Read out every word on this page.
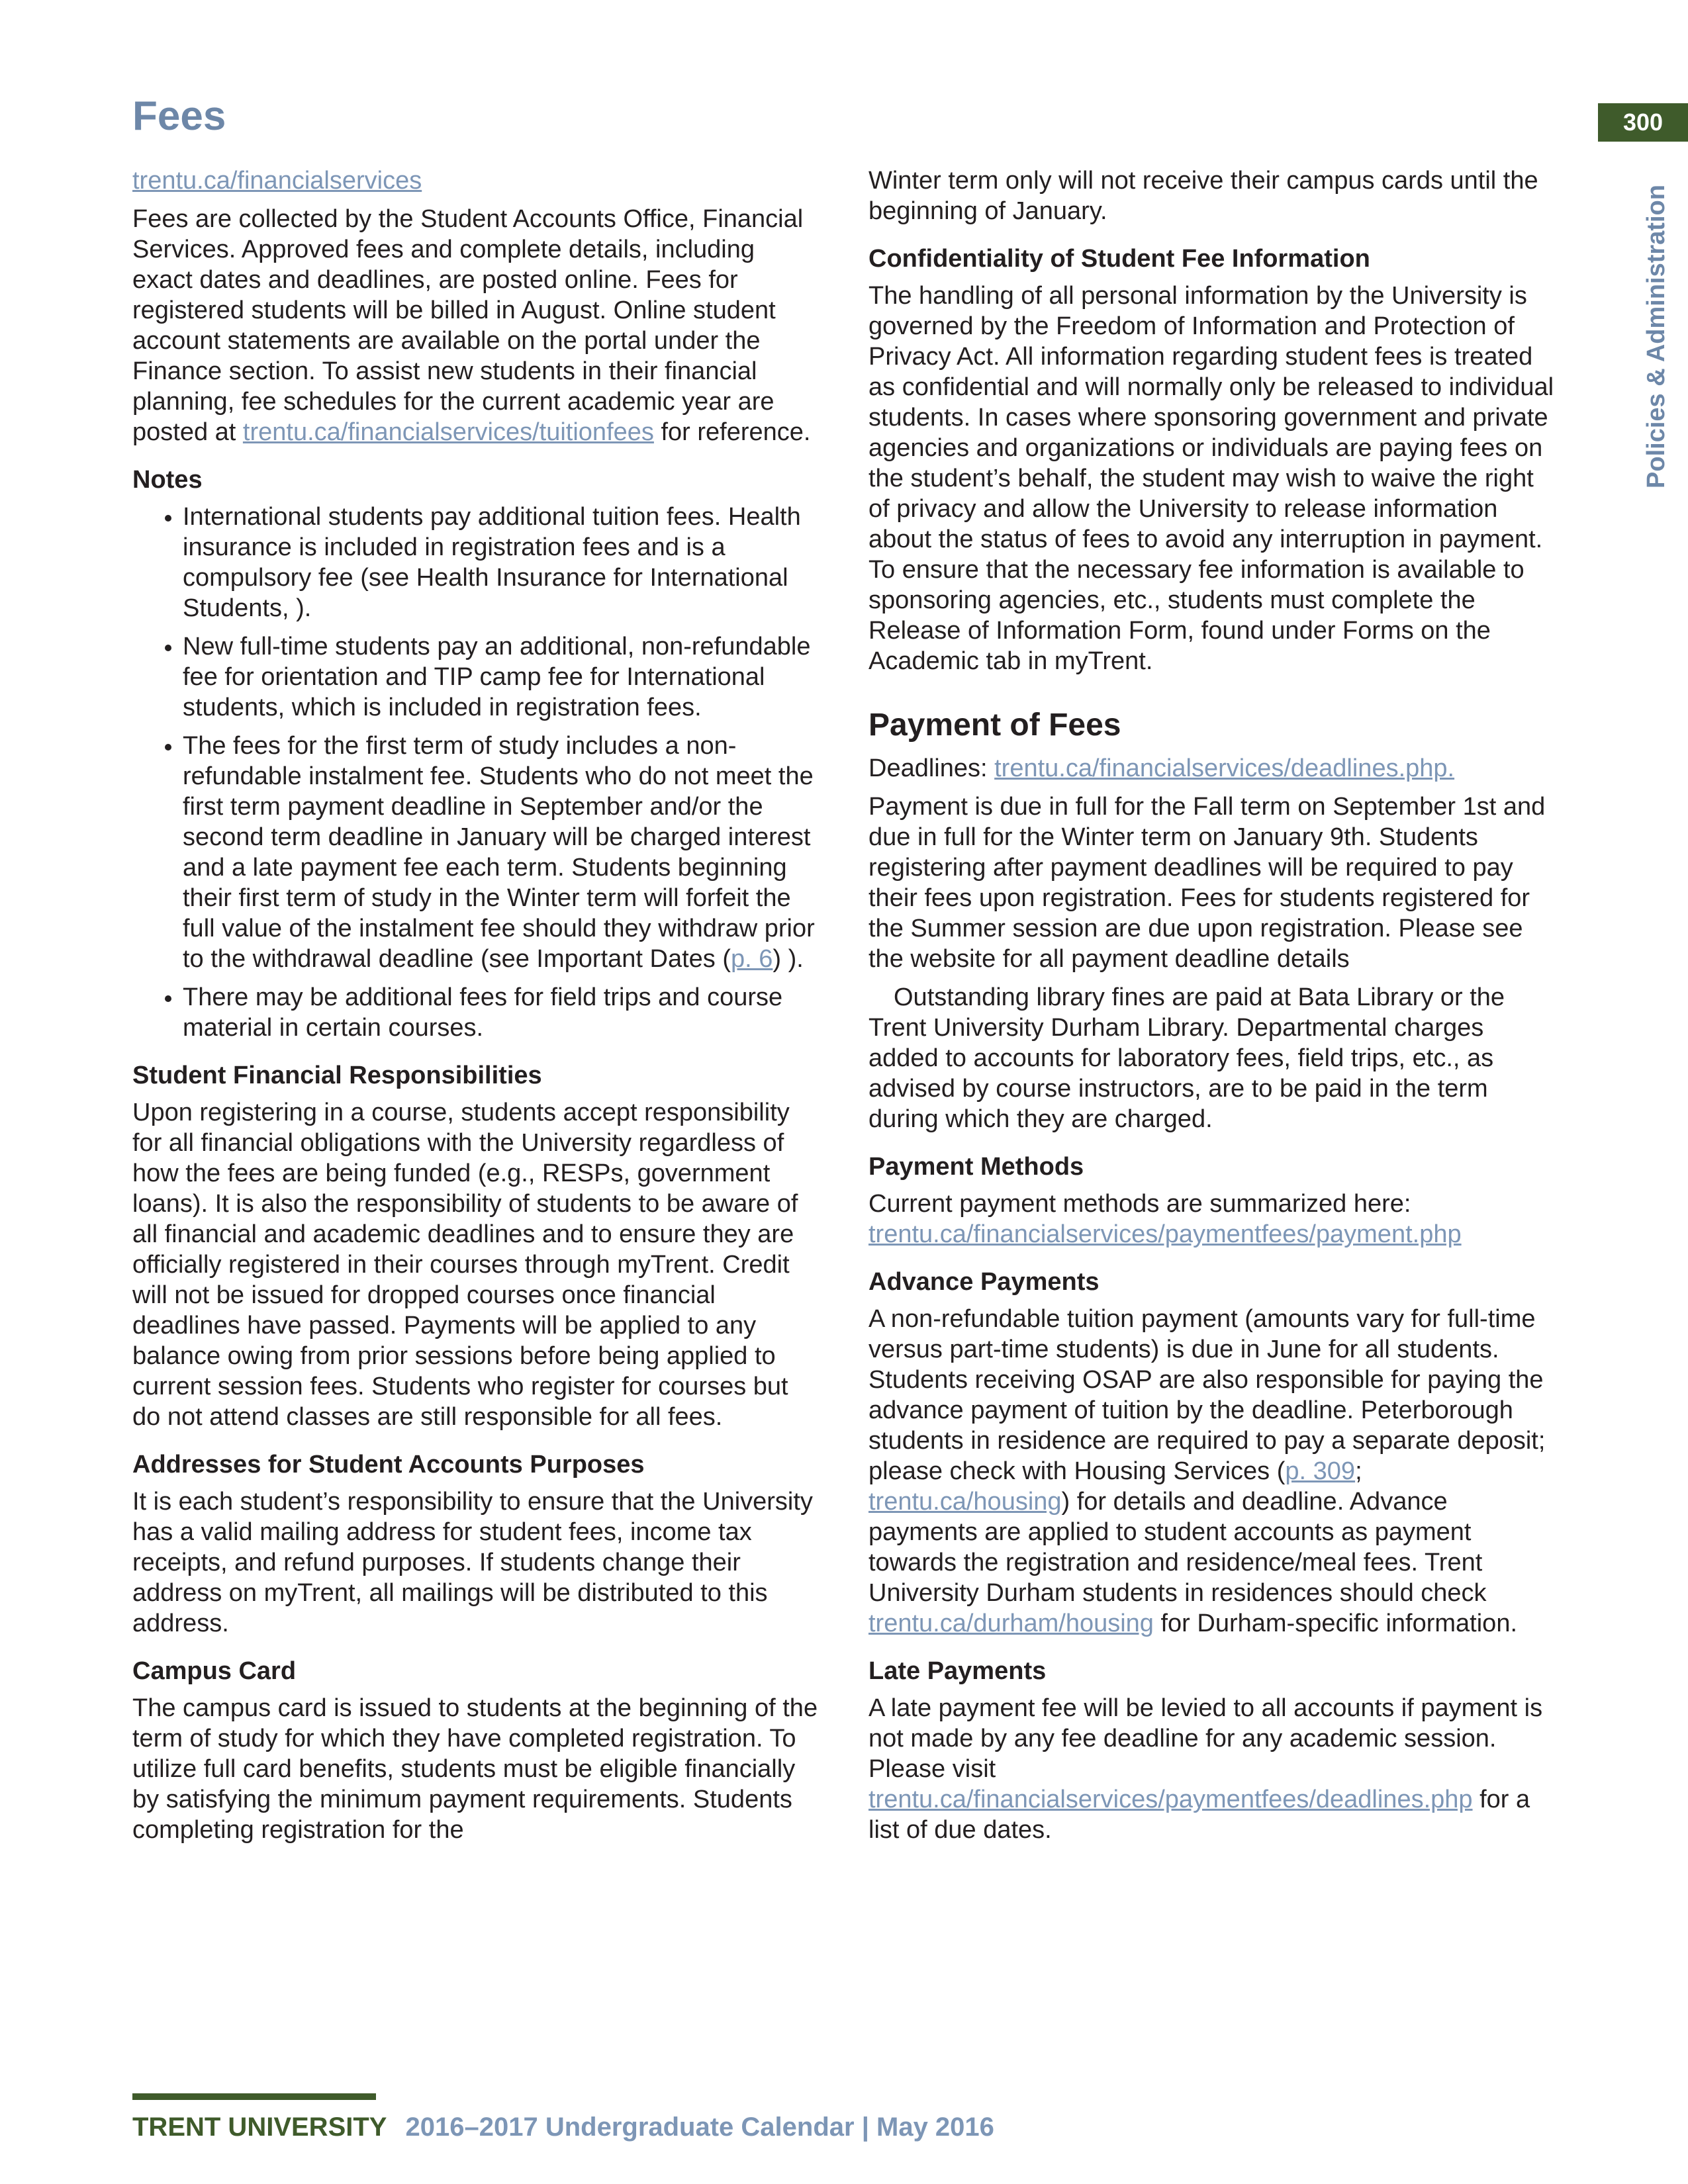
Fees	300
Policies & Administration

trentu.ca/financialservices

Fees are collected by the Student Accounts Office, Financial Services. Approved fees and complete details, including exact dates and deadlines, are posted online. Fees for registered students will be billed in August. Online student account statements are available on the portal under the Finance section. To assist new students in their financial planning, fee schedules for the current academic year are posted at trentu.ca/financialservices/tuitionfees for reference.

Notes
• International students pay additional tuition fees. Health insurance is included in registration fees and is a compulsory fee (see Health Insurance for International Students, ).
• New full-time students pay an additional, non-refundable fee for orientation and TIP camp fee for International students, which is included in registration fees.
• The fees for the first term of study includes a non-refundable instalment fee. Students who do not meet the first term payment deadline in September and/or the second term deadline in January will be charged interest and a late payment fee each term. Students beginning their first term of study in the Winter term will forfeit the full value of the instalment fee should they withdraw prior to the withdrawal deadline (see Important Dates (p. 6) ).
• There may be additional fees for field trips and course material in certain courses.
Student Financial Responsibilities

Upon registering in a course, students accept responsibility for all financial obligations with the University regardless of how the fees are being funded (e.g., RESPs, government loans). It is also the responsibility of students to be aware of all financial and academic deadlines and to ensure they are officially registered in their courses through myTrent. Credit will not be issued for dropped courses once financial deadlines have passed. Payments will be applied to any balance owing from prior sessions before being applied to current session fees. Students who register for courses but do not attend classes are still responsible for all fees.

Addresses for Student Accounts Purposes

It is each student’s responsibility to ensure that the University has a valid mailing address for student fees, income tax receipts, and refund purposes. If students change their address on myTrent, all mailings will be distributed to this address.

Campus Card

The campus card is issued to students at the beginning of the term of study for which they have completed registration. To utilize full card benefits, students must be eligible financially by satisfying the minimum payment requirements. Students completing registration for the

Winter term only will not receive their campus cards until the beginning of January.

Confidentiality of Student Fee Information

The handling of all personal information by the University is governed by the Freedom of Information and Protection of Privacy Act. All information regarding student fees is treated as confidential and will normally only be released to individual students. In cases where sponsoring government and private agencies and organizations or individuals are paying fees on the student’s behalf, the student may wish to waive the right of privacy and allow the University to release information about the status of fees to avoid any interruption in payment. To ensure that the necessary fee information is available to sponsoring agencies, etc., students must complete the Release of Information Form, found under Forms on the Academic tab in myTrent.

Payment of Fees

Deadlines: trentu.ca/financialservices/deadlines.php.

Payment is due in full for the Fall term on September 1st and due in full for the Winter term on January 9th. Students registering after payment deadlines will be required to pay their fees upon registration. Fees for students registered for the Summer session are due upon registration. Please see the website for all payment deadline details

Outstanding library fines are paid at Bata Library or the Trent University Durham Library. Departmental charges added to accounts for laboratory fees, field trips, etc., as advised by course instructors, are to be paid in the term during which they are charged.

Payment Methods

Current payment methods are summarized here:
trentu.ca/financialservices/paymentfees/payment.php

Advance Payments

A non-refundable tuition payment (amounts vary for full-time versus part-time students) is due in June for all students. Students receiving OSAP are also responsible for paying the advance payment of tuition by the deadline. Peterborough students in residence are required to pay a separate deposit; please check with Housing Services (p. 309; trentu.ca/housing) for details and deadline. Advance payments are applied to student accounts as payment towards the registration and residence/meal fees. Trent University Durham students in residences should check trentu.ca/durham/housing for Durham-specific information.

Late Payments

A late payment fee will be levied to all accounts if payment is not made by any fee deadline for any academic session. Please visit trentu.ca/financialservices/paymentfees/deadlines.php for a list of due dates.

TRENT UNIVERSITY 2016–2017 Undergraduate Calendar | May 2016
